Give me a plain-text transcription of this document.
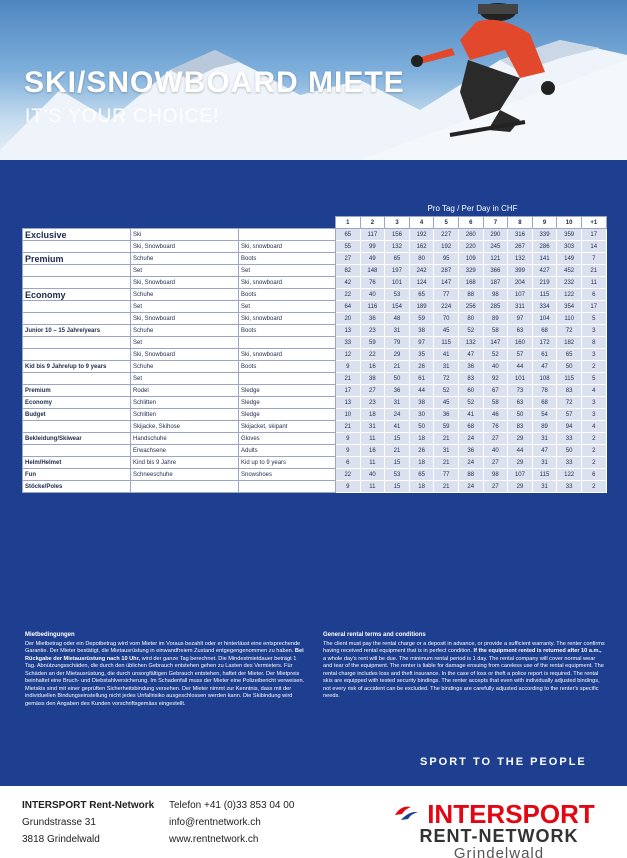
SKI/SNOWBOARD MIETE
IT'S YOUR CHOICE!
Pro Tag / Per Day in CHF
			1	2	3	4	5	6	7	8	9	10	+1
Exclusive	Ski		65	117	156	192	227	260	290	316	339	359	17
	Ski, Snowboard	Ski, snowboard	55	99	132	162	192	220	245	267	286	303	14
Premium	Schuhe	Boots	27	49	65	80	95	109	121	132	141	149	7
	Set	Set	82	148	197	242	287	329	366	399	427	452	21
	Ski, Snowboard	Ski, snowboard	42	76	101	124	147	168	187	204	219	232	11
Economy	Schuhe	Boots	22	40	53	65	77	88	98	107	115	122	6
	Set	Set	64	116	154	189	224	256	285	311	334	354	17
	Ski, Snowboard	Ski, snowboard	20	36	48	59	70	80	89	97	104	110	5
Junior 10 – 15 Jahre/years	Schuhe	Boots	13	23	31	38	45	52	58	63	68	72	3
	Set		33	59	79	97	115	132	147	160	172	182	8
	Ski, Snowboard	Ski, snowboard	12	22	29	35	41	47	52	57	61	65	3
Kid bis 9 Jahre/up to 9 years	Schuhe	Boots	9	16	21	26	31	36	40	44	47	50	2
	Set		21	38	50	61	72	83	92	101	108	115	5
Premium	Rodel	Sledge	17	27	36	44	52	60	67	73	78	83	4
Economy	Schlitten	Sledge	13	23	31	38	45	52	58	63	68	72	3
Budget	Schlitten	Sledge	10	18	24	30	36	41	46	50	54	57	3
	Skijacke, Skihose	Skijacket, skipant	21	31	41	50	59	68	76	83	89	94	4
Bekleidung/Skiwear	Handschuhe	Gloves	9	11	15	18	21	24	27	29	31	33	2
	Erwachsene	Adults	9	16	21	26	31	36	40	44	47	50	2
Helm/Helmet	Kind bis 9 Jahre	Kid up to 9 years	6	11	15	18	21	24	27	29	31	33	2
Fun	Schneeschuhe	Snowshoes	22	40	53	65	77	88	98	107	115	122	6
Stöcke/Poles			9	11	15	18	21	24	27	29	31	33	2
Mietbedingungen

Der Mietbetrag oder ein Depotbetrag wird vom Mieter im Voraus bezahlt oder er hinterlässt eine entsprechende Garantie. Der Mieter bestätigt, die Mietausrüstung in einwandfreiem Zustand entgegengenommen zu haben. Bei Rückgabe der Mietausrüstung nach 10 Uhr, wird der ganze Tag berechnet. Die Mindestmietdauer beträgt 1 Tag. Abnützungsschäden, die durch den üblichen Gebrauch entstehen gehen zu Lasten des Vermieters. Für Schäden an der Mietausrüstung, die durch unsorgfältigen Gebrauch entstehen, haftet der Mieter. Der Mietpreis beinhaltet eine Bruch- und Diebstahlversicherung. Im Schadenfall muss der Mieter eine Polizeibericht verweisen. Mietskis sind mit einer geprüften Sicherheitsbindung versehen. Der Mieter nimmt zur Kenntnis, dass mit der individuellen Bindungseinstellung nicht jedes Unfallrisiko ausgeschlossen werden kann. Die Skibindung wird gemäss den Angaben des Kunden vorschriftsgemäss eingestellt.

General rental terms and conditions

The client must pay the rental charge or a deposit in advance, or provide a sufficient warranty. The renter confirms having received rental equipment that is in perfect condition. If the equipment rented is returned after 10 a.m., a whole day's rent will be due. The minimum rental period is 1 day. The rental company will cover normal wear and tear of the equipment. The renter is liable for damage ensuing from careless use of the rental equipment. The rental charge includes loss and theft insurance. In the case of loss or theft a police report is required. The rental skis are equipped with tested security bindings. The renter accepts that even with individually adjusted bindings, not every risk of accident can be excluded. The bindings are carefully adjusted according to the renter's specific needs.

SPORT TO THE PEOPLE
INTERSPORT Rent-Network
Grundstrasse 31
3818 Grindelwald
Telefon +41 (0)33 853 04 00
info@rentnetwork.ch
www.rentnetwork.ch
INTERSPORT
RENT-NETWORK
Grindelwald
